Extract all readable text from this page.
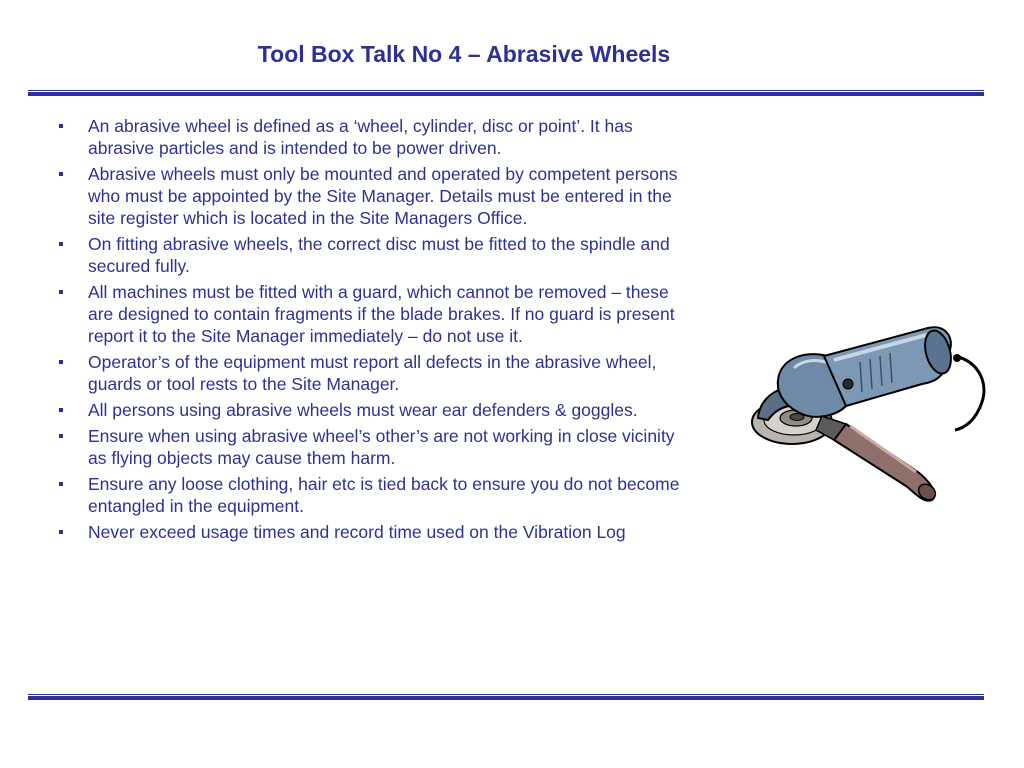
Tool Box Talk No 4 – Abrasive Wheels
An abrasive wheel is defined as a ‘wheel, cylinder, disc or point’. It has abrasive particles and is intended to be power driven.
Abrasive wheels must only be mounted and operated by competent persons who must be appointed by the Site Manager. Details must be entered in the site register which is located in the Site Managers Office.
On fitting abrasive wheels, the correct disc must be fitted to the spindle and secured fully.
All machines must be fitted with a guard, which cannot be removed – these are designed to contain fragments if the blade brakes. If no guard is present report it to the Site Manager immediately – do not use it.
Operator’s of the equipment must report all defects in the abrasive wheel, guards or tool rests to the Site Manager.
All persons using abrasive wheels must wear ear defenders & goggles.
Ensure when using abrasive wheel’s other’s are not working in close vicinity as flying objects may cause them harm.
Ensure any loose clothing, hair etc is tied back to ensure you do not become entangled in the equipment.
Never exceed usage times and record time used on the Vibration Log
